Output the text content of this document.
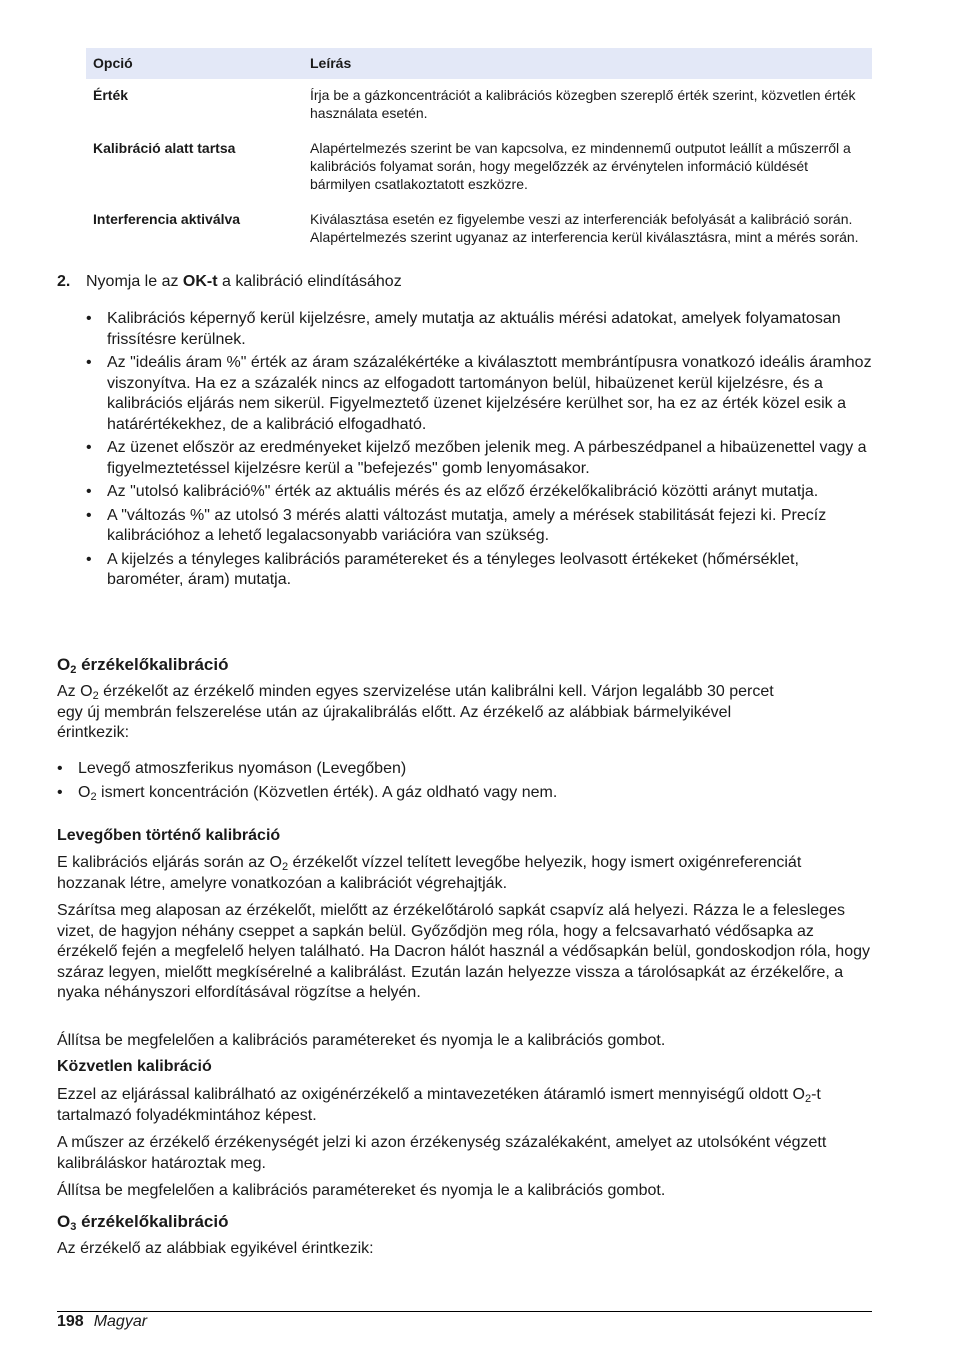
Opció	Leírás
Érték	Írja be a gázkoncentrációt a kalibrációs közegben szereplő érték szerint, közvetlen érték használata esetén.
Kalibráció alatt tartsa	Alapértelmezés szerint be van kapcsolva, ez mindennemű outputot leállít a műszerről a kalibrációs folyamat során, hogy megelőzzék az érvénytelen információ küldését bármilyen csatlakoztatott eszközre.
Interferencia aktiválva	Kiválasztása esetén ez figyelembe veszi az interferenciák befolyását a kalibráció során. Alapértelmezés szerint ugyanaz az interferencia kerül kiválasztásra, mint a mérés során.
2. Nyomja le az OK-t a kalibráció elindításához
• Kalibrációs képernyő kerül kijelzésre, amely mutatja az aktuális mérési adatokat, amelyek folyamatosan frissítésre kerülnek.
• Az "ideális áram %" érték az áram százalékértéke a kiválasztott membrántípusra vonatkozó ideális áramhoz viszonyítva. Ha ez a százalék nincs az elfogadott tartományon belül, hibaüzenet kerül kijelzésre, és a kalibrációs eljárás nem sikerül. Figyelmeztető üzenet kijelzésére kerülhet sor, ha ez az érték közel esik a határértékekhez, de a kalibráció elfogadható.
• Az üzenet először az eredményeket kijelző mezőben jelenik meg. A párbeszédpanel a hibaüzenettel vagy a figyelmeztetéssel kijelzésre kerül a "befejezés" gomb lenyomásakor.
• Az "utolsó kalibráció%" érték az aktuális mérés és az előző érzékelőkalibráció közötti arányt mutatja.
• A "változás %" az utolsó 3 mérés alatti változást mutatja, amely a mérések stabilitását fejezi ki. Precíz kalibrációhoz a lehető legalacsonyabb variációra van szükség.
• A kijelzés a tényleges kalibrációs paramétereket és a tényleges leolvasott értékeket (hőmérséklet, barométer, áram) mutatja.
$O_2$ érzékelőkalibráció

Az $O_2$ érzékelőt az érzékelő minden egyes szervizelése után kalibrálni kell. Várjon legalább 30 percet egy új membrán felszerelése után az újrakalibrálás előtt. Az érzékelő az alábbiak bármelyikével érintkezik:

• Levegő atmoszferikus nyomáson (Levegőben)
• $O_2$ ismert koncentráción (Közvetlen érték). A gáz oldható vagy nem.
Levegőben történő kalibráció

E kalibrációs eljárás során az $O_2$ érzékelőt vízzel telített levegőbe helyezik, hogy ismert oxigénreferenciát hozzanak létre, amelyre vonatkozóan a kalibrációt végrehajtják.

Szárítsa meg alaposan az érzékelőt, mielőtt az érzékelőtároló sapkát csapvíz alá helyezi. Rázza le a felesleges vizet, de hagyjon néhány cseppet a sapkán belül. Győződjön meg róla, hogy a felcsavarható védősapka az érzékelő fején a megfelelő helyen található. Ha Dacron hálót használ a védősapkán belül, gondoskodjon róla, hogy száraz legyen, mielőtt megkísérelné a kalibrálást. Ezután lazán helyezze vissza a tárolósapkát az érzékelőre, a nyaka néhányszori elfordításával rögzítse a helyén.

Állítsa be megfelelően a kalibrációs paramétereket és nyomja le a kalibrációs gombot.

Közvetlen kalibráció

Ezzel az eljárással kalibrálható az oxigénérzékelő a mintavezetéken átáramló ismert mennyiségű oldott $O_2-t$ tartalmazó folyadékmintához képest.

A műszer az érzékelő érzékenységét jelzi ki azon érzékenység százalékaként, amelyet az utolsóként végzett kalibráláskor határoztak meg.

Állítsa be megfelelően a kalibrációs paramétereket és nyomja le a kalibrációs gombot.

$O_3$ érzékelőkalibráció

Az érzékelő az alábbiak egyikével érintkezik:

198 Magyar
